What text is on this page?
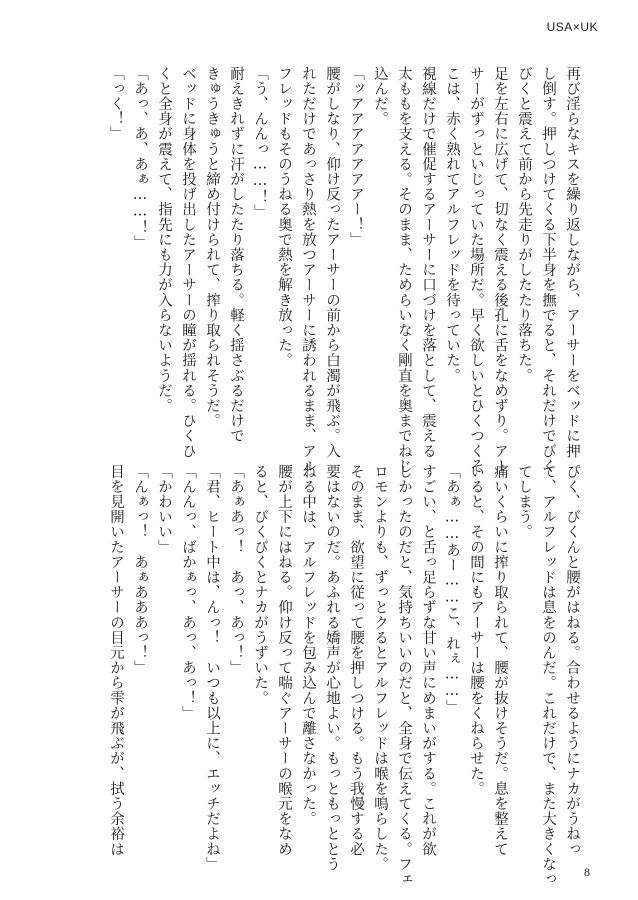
USA×UK
再び淫らなキスを繰り返しながら、アーサーをベッドに押
し倒す。押しつけてくる下半身を撫でると、それだけでびく
びくと震えて前から先走りがしたたり落ちた。
足を左右に広げて、切なく震える後孔に舌をなめずり。アー
サーがずっといじっていた場所だ。早く欲しいとひくつくそ
こは、赤く熟れてアルフレッドを待っていた。
視線だけで催促するアーサーに口づけを落として、震える
太ももを支える。そのまま、ためらいなく剛直を奥までねじ
込んだ。
「ッアアアアアアアー！」
腰がしなり、仰け反ったアーサーの前から白濁が飛ぶ。入
れただけであっさり熱を放つアーサーに誘われるまま、アル
フレッドもそのうねる奥で熱を解き放った。
「う、んんっ……！」
耐えきれずに汗がしたたり落ちる。軽く揺さぶるだけで
きゅうきゅうと締め付けられて、搾り取られそうだ。
ベッドに身体を投げ出したアーサーの瞳が揺れる。ひくひ
くと全身が震えて、指先にも力が入らないようだ。
「あっ、あ、あぁ……！」
「っく！」
ぴく、びくんと腰がはねる。合わせるようにナカがうねっ
て、アルフレッドは息をのんだ。これだけで、また大きくなっ
てしまう。
痛いくらいに搾り取られて、腰が抜けそうだ。息を整えて
いると、その間にもアーサーは腰をくねらせた。
「あぁ……あー……こ、れぇ……」
すごい、と舌っ足らずな甘い声にめまいがする。これが欲
しかったのだと、気持ちいいのだと、全身で伝えてくる。フェ
ロモンよりも、ずっとクるとアルフレッドは喉を鳴らした。
そのまま、欲望に従って腰を押しつける。もう我慢する必
要はないのだ。あふれる嬌声が心地よい。もっともっととう
ねる中は、アルフレッドを包み込んで離さなかった。
腰が上下にはねる。仰け反って喘ぐアーサーの喉元をなめ
ると、びくびくとナカがうずいた。
「あぁあっ！　あっ、あっ！」
「君、ヒート中は、んっ！　いつも以上に、エッチだよね」
「んんっ、ばかぁっ、あっ、あっ！」
「かわいい」
「んぁっ！　あぁあああっ！」
目を見開いたアーサーの目元から雫が飛ぶが、拭う余裕は
8
